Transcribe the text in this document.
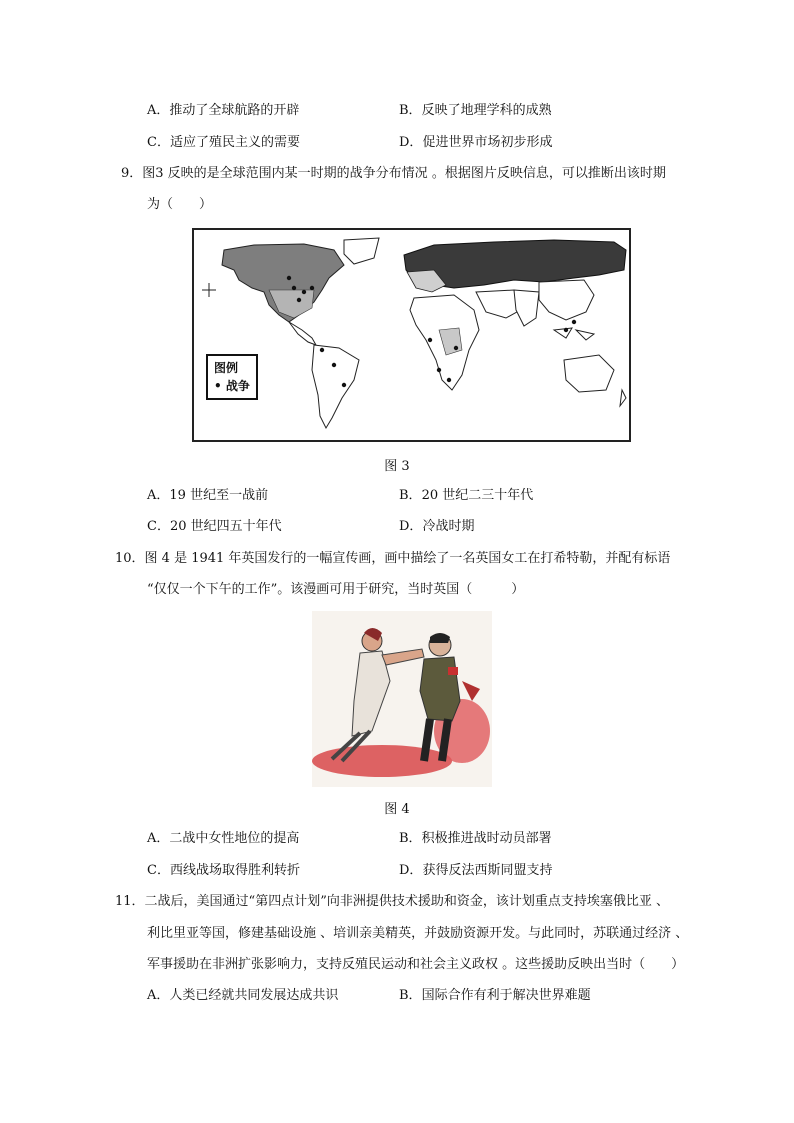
A．推动了全球航路的开辟	B．反映了地理学科的成熟
C．适应了殖民主义的需要	D．促进世界市场初步形成
9．图3 反映的是全球范围内某一时期的战争分布情况 。根据图片反映信息，可以推断出该时期
为（　　）
图例
• 战争
图 3
A．19 世纪至一战前	B．20 世纪二三十年代
C．20 世纪四五十年代	D．冷战时期
10．图 4 是 1941 年英国发行的一幅宣传画，画中描绘了一名英国女工在打希特勒，并配有标语
“仅仅一个下午的工作”。该漫画可用于研究，当时英国（　　　）
图 4
A．二战中女性地位的提高	B．积极推进战时动员部署
C．西线战场取得胜利转折	D．获得反法西斯同盟支持
11．二战后，美国通过“第四点计划”向非洲提供技术援助和资金，该计划重点支持埃塞俄比亚 、
利比里亚等国，修建基础设施 、培训亲美精英，并鼓励资源开发。与此同时，苏联通过经济 、
军事援助在非洲扩张影响力，支持反殖民运动和社会主义政权 。这些援助反映出当时（　　）
A．人类已经就共同发展达成共识	B．国际合作有利于解决世界难题
